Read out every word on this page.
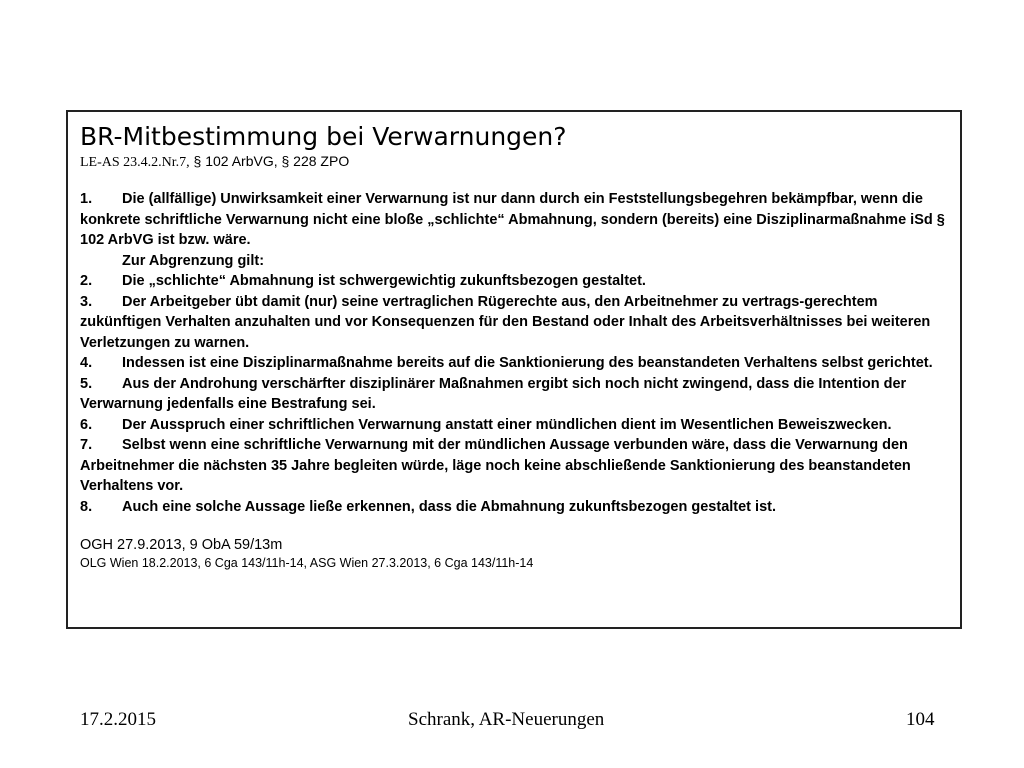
BR-Mitbestimmung bei Verwarnungen?

LE-AS 23.4.2.Nr.7, § 102 ArbVG, § 228 ZPO

1. Die (allfällige) Unwirksamkeit einer Verwarnung ist nur dann durch ein Feststellungsbegehren bekämpfbar, wenn die konkrete schriftliche Verwarnung nicht eine bloße „schlichte“ Abmahnung, sondern (bereits) eine Disziplinarmaßnahme iSd § 102 ArbVG ist bzw. wäre.
Zur Abgrenzung gilt:
2. Die „schlichte“ Abmahnung ist schwergewichtig zukunftsbezogen gestaltet.
3. Der Arbeitgeber übt damit (nur) seine vertraglichen Rügerechte aus, den Arbeitnehmer zu vertrags-gerechtem zukünftigen Verhalten anzuhalten und vor Konsequenzen für den Bestand oder Inhalt des Arbeitsverhältnisses bei weiteren Verletzungen zu warnen.
4. Indessen ist eine Disziplinarmaßnahme bereits auf die Sanktionierung des beanstandeten Verhaltens selbst gerichtet.
5. Aus der Androhung verschärfter disziplinärer Maßnahmen ergibt sich noch nicht zwingend, dass die Intention der Verwarnung jedenfalls eine Bestrafung sei.
6. Der Ausspruch einer schriftlichen Verwarnung anstatt einer mündlichen dient im Wesentlichen Beweiszwecken.
7. Selbst wenn eine schriftliche Verwarnung mit der mündlichen Aussage verbunden wäre, dass die Verwarnung den Arbeitnehmer die nächsten 35 Jahre begleiten würde, läge noch keine abschließende Sanktionierung des beanstandeten Verhaltens vor.
8. Auch eine solche Aussage ließe erkennen, dass die Abmahnung zukunftsbezogen gestaltet ist.

OGH 27.9.2013, 9 ObA 59/13m

OLG Wien 18.2.2013, 6 Cga 143/11h-14, ASG Wien 27.3.2013, 6 Cga 143/11h-14

17.2.2015	Schrank, AR-Neuerungen	104
